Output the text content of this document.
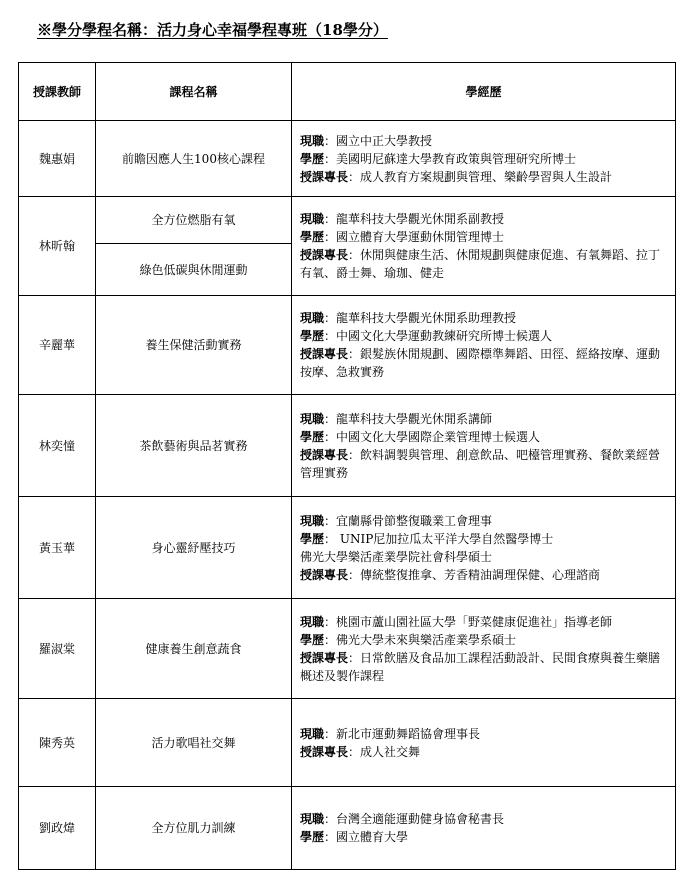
※學分學程名稱：活力身心幸福學程專班（18學分）
授課教師	課程名稱	學經歷
魏惠娟	前瞻因應人生100核心課程	現職：國立中正大學教授
學歷：美國明尼蘇達大學教育政策與管理研究所博士
授課專長：成人教育方案規劃與管理、樂齡學習與人生設計

林昕翰	全方位燃脂有氧	現職：龍華科技大學觀光休閒系副教授
學歷：國立體育大學運動休閒管理博士
授課專長：休閒與健康生活、休閒規劃與健康促進、有氧舞蹈、拉丁有氧、爵士舞、瑜珈、健走

	綠色低碳與休閒運動	
辛麗華	養生保健活動實務	現職：龍華科技大學觀光休閒系助理教授
學歷：中國文化大學運動教練研究所博士候選人
授課專長：銀髮族休閒規劃、國際標準舞蹈、田徑、經絡按摩、運動按摩、急救實務

林奕憧	茶飲藝術與品茗實務	現職：龍華科技大學觀光休閒系講師
學歷：中國文化大學國際企業管理博士候選人
授課專長：飲料調製與管理、創意飲品、吧檯管理實務、餐飲業經營管理實務

黃玉華	身心靈紓壓技巧	現職：宜蘭縣骨節整復職業工會理事
學歷： UNIP尼加拉瓜太平洋大學自然醫學博士
佛光大學樂活產業學院社會科學碩士
授課專長：傳統整復推拿、芳香精油調理保健、心理諮商

羅淑棠	健康養生創意蔬食	現職：桃園市蘆山園社區大學「野菜健康促進社」指導老師
學歷：佛光大學未來與樂活產業學系碩士
授課專長：日常飲膳及食品加工課程活動設計、民間食療與養生藥膳概述及製作課程

陳秀英	活力歌唱社交舞	現職：新北市運動舞蹈協會理事長
授課專長：成人社交舞

劉政煒	全方位肌力訓練	現職：台灣全適能運動健身協會秘書長
學歷：國立體育大學
